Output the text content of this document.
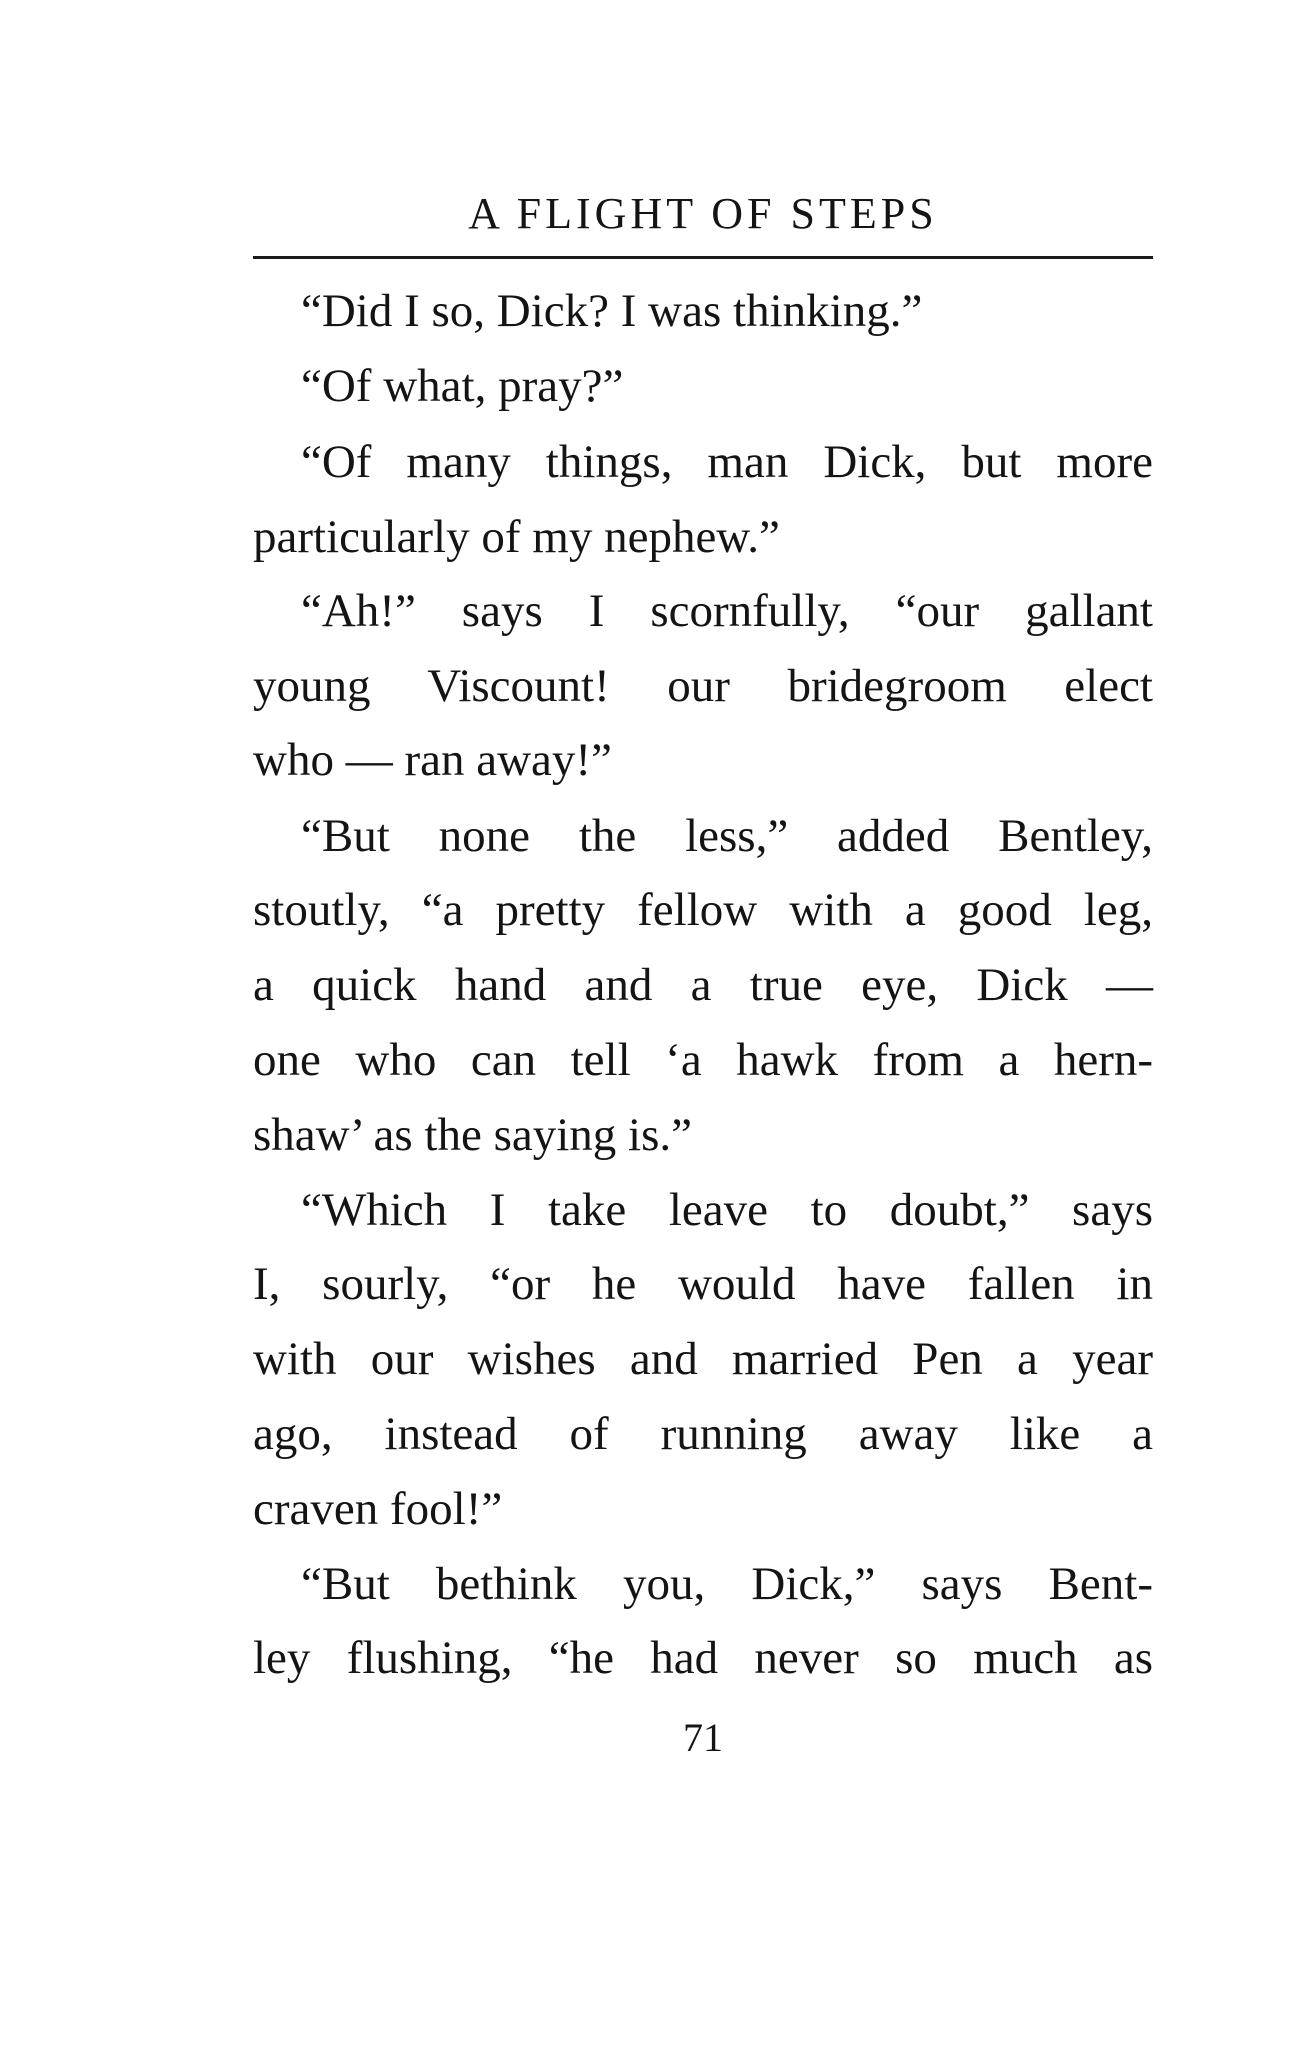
A FLIGHT OF STEPS
“Did I so, Dick? I was thinking.”
“Of what, pray?”
“Of many things, man Dick, but more
particularly of my nephew.”
“Ah!” says I scornfully, “our gallant
young Viscount! our bridegroom elect
who — ran away!”
“But none the less,” added Bentley,
stoutly, “a pretty fellow with a good leg,
a quick hand and a true eye, Dick —
one who can tell ‘a hawk from a hern-
shaw’ as the saying is.”
“Which I take leave to doubt,” says
I, sourly, “or he would have fallen in
with our wishes and married Pen a year
ago, instead of running away like a
craven fool!”
“But bethink you, Dick,” says Bent-
ley flushing, “he had never so much as
71
